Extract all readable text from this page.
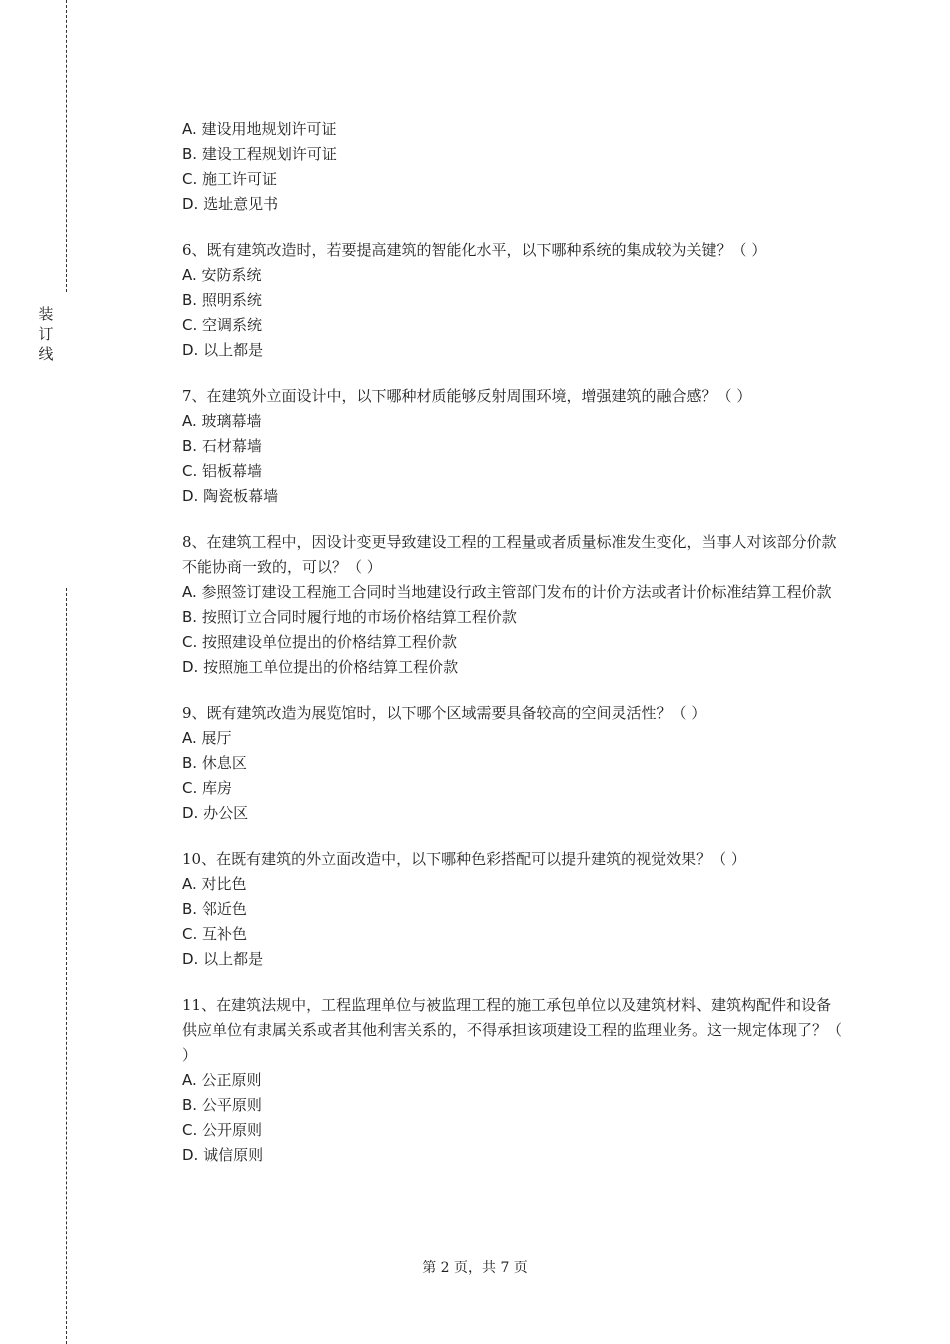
装
订
线

A. 建设用地规划许可证

B. 建设工程规划许可证

C. 施工许可证

D. 选址意见书

6、既有建筑改造时，若要提高建筑的智能化水平，以下哪种系统的集成较为关键？（ ）

A. 安防系统

B. 照明系统

C. 空调系统

D. 以上都是

7、在建筑外立面设计中，以下哪种材质能够反射周围环境，增强建筑的融合感？（ ）

A. 玻璃幕墙

B. 石材幕墙

C. 铝板幕墙

D. 陶瓷板幕墙

8、在建筑工程中，因设计变更导致建设工程的工程量或者质量标准发生变化，当事人对该部分价款不能协商一致的，可以？（ ）

A. 参照签订建设工程施工合同时当地建设行政主管部门发布的计价方法或者计价标准结算工程价款

B. 按照订立合同时履行地的市场价格结算工程价款

C. 按照建设单位提出的价格结算工程价款

D. 按照施工单位提出的价格结算工程价款

9、既有建筑改造为展览馆时，以下哪个区域需要具备较高的空间灵活性？（ ）

A. 展厅

B. 休息区

C. 库房

D. 办公区

10、在既有建筑的外立面改造中，以下哪种色彩搭配可以提升建筑的视觉效果？（ ）

A. 对比色

B. 邻近色

C. 互补色

D. 以上都是

11、在建筑法规中，工程监理单位与被监理工程的施工承包单位以及建筑材料、建筑构配件和设备供应单位有隶属关系或者其他利害关系的，不得承担该项建设工程的监理业务。这一规定体现了？（ ）

A. 公正原则

B. 公平原则

C. 公开原则

D. 诚信原则

第 2 页，共 7 页
